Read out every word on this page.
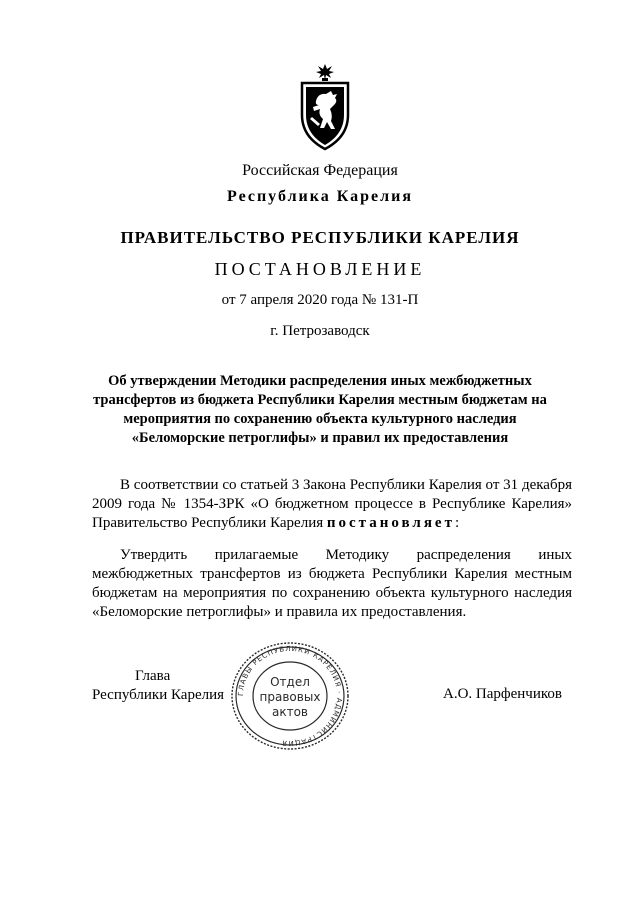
Российская Федерация
Республика Карелия
ПРАВИТЕЛЬСТВО РЕСПУБЛИКИ КАРЕЛИЯ
ПОСТАНОВЛЕНИЕ
от 7 апреля 2020 года № 131-П
г. Петрозаводск
Об утверждении Методики распределения иных межбюджетных трансфертов из бюджета Республики Карелия местным бюджетам на мероприятия по сохранению объекта культурного наследия «Беломорские петроглифы» и правил их предоставления
В соответствии со статьей 3 Закона Республики Карелия от 31 декабря 2009 года № 1354-ЗРК «О бюджетном процессе в Республике Карелия» Правительство Республики Карелия постановляет:
Утвердить прилагаемые Методику распределения иных межбюджетных трансфертов из бюджета Республики Карелия местным бюджетам на мероприятия по сохранению объекта культурного наследия «Беломорские петроглифы» и правила их предоставления.
Глава
Республики Карелия	ГЛАВЫ РЕСПУБЛИКИ КАРЕЛИЯ · АДМИНИСТРАЦИЯ
Отдел
правовых
актов
А.О. Парфенчиков
